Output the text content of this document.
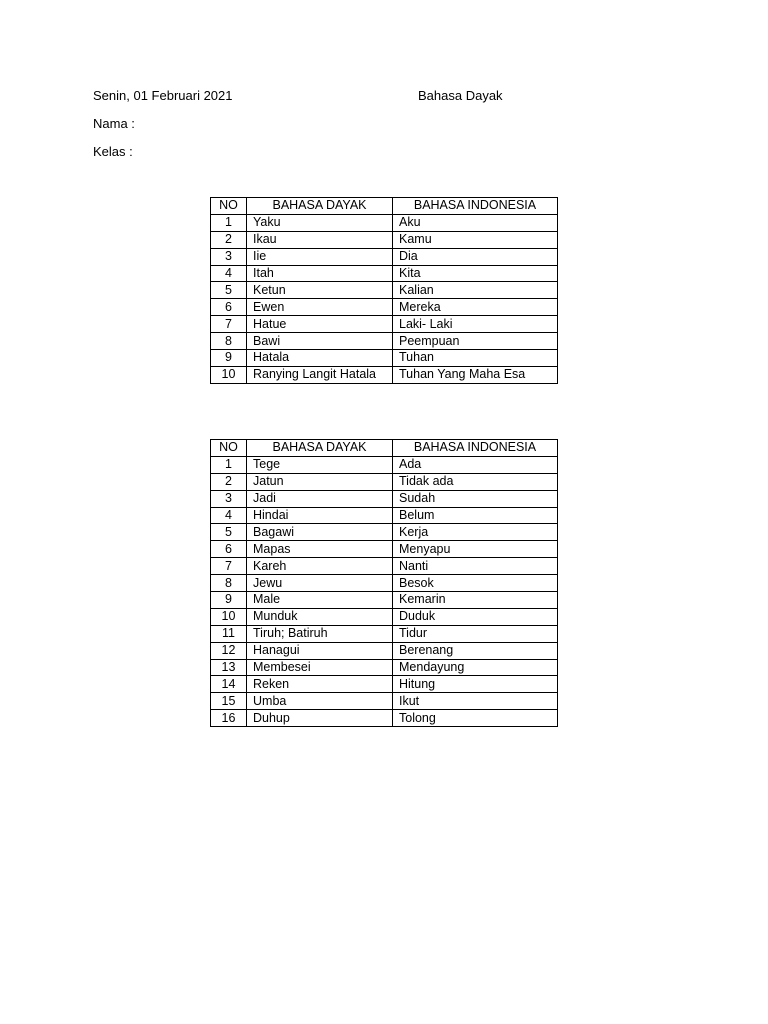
Senin, 01 Februari 2021	Bahasa Dayak
Nama :
Kelas :
NO	BAHASA DAYAK	BAHASA INDONESIA
1	Yaku	Aku
2	Ikau	Kamu
3	Iie	Dia
4	Itah	Kita
5	Ketun	Kalian
6	Ewen	Mereka
7	Hatue	Laki- Laki
8	Bawi	Peempuan
9	Hatala	Tuhan
10	Ranying Langit Hatala	Tuhan Yang Maha Esa
NO	BAHASA DAYAK	BAHASA INDONESIA
1	Tege	Ada
2	Jatun	Tidak ada
3	Jadi	Sudah
4	Hindai	Belum
5	Bagawi	Kerja
6	Mapas	Menyapu
7	Kareh	Nanti
8	Jewu	Besok
9	Male	Kemarin
10	Munduk	Duduk
11	Tiruh; Batiruh	Tidur
12	Hanagui	Berenang
13	Membesei	Mendayung
14	Reken	Hitung
15	Umba	Ikut
16	Duhup	Tolong
